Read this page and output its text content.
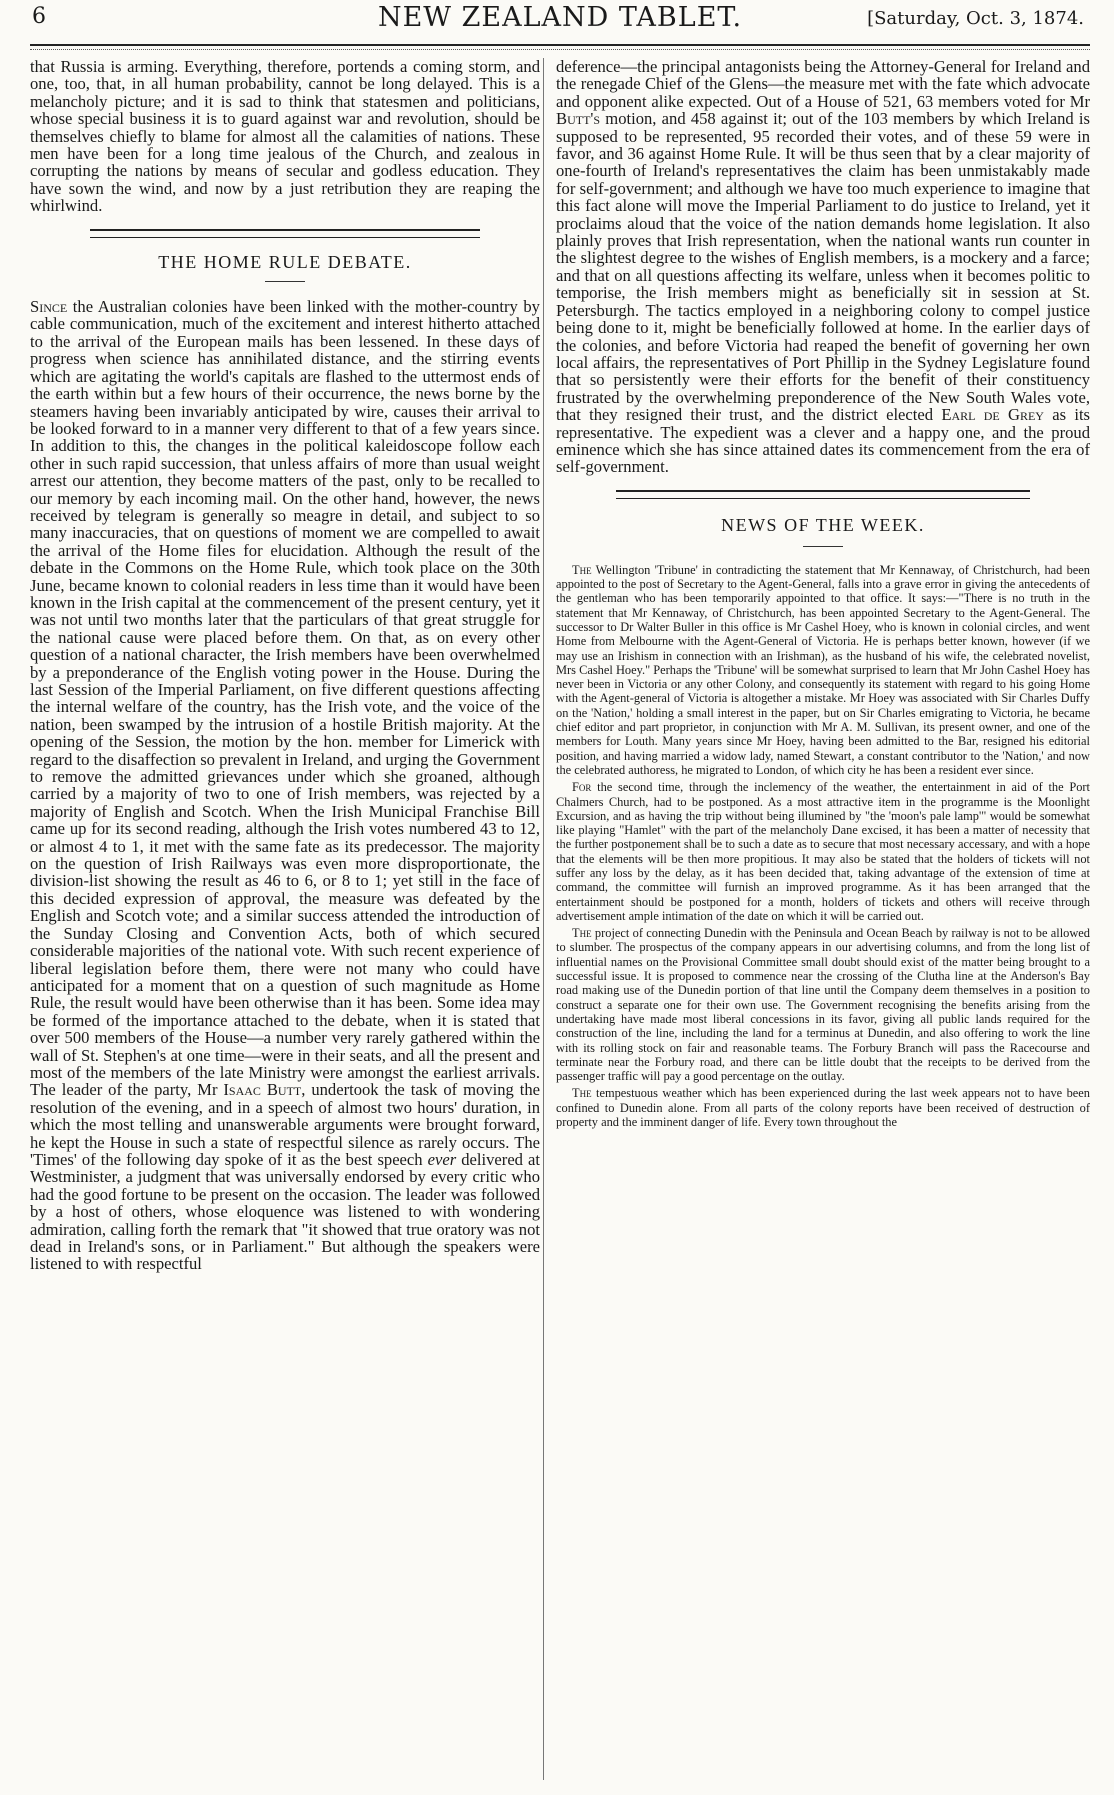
6	NEW ZEALAND TABLET.	[Saturday, Oct. 3, 1874.

that Russia is arming. Everything, therefore, portends a coming storm, and one, too, that, in all human probability, cannot be long delayed. This is a melancholy picture; and it is sad to think that statesmen and politicians, whose special business it is to guard against war and revolution, should be themselves chiefly to blame for almost all the calamities of nations. These men have been for a long time jealous of the Church, and zealous in corrupting the nations by means of secular and godless education. They have sown the wind, and now by a just retribution they are reaping the whirlwind.

THE HOME RULE DEBATE.

Since the Australian colonies have been linked with the mother-country by cable communication, much of the excitement and interest hitherto attached to the arrival of the European mails has been lessened. In these days of progress when science has annihilated distance, and the stirring events which are agitating the world's capitals are flashed to the uttermost ends of the earth within but a few hours of their occurrence, the news borne by the steamers having been invariably anticipated by wire, causes their arrival to be looked forward to in a manner very different to that of a few years since. In addition to this, the changes in the political kaleidoscope follow each other in such rapid succession, that unless affairs of more than usual weight arrest our attention, they become matters of the past, only to be recalled to our memory by each incoming mail. On the other hand, however, the news received by telegram is generally so meagre in detail, and subject to so many inaccuracies, that on questions of moment we are compelled to await the arrival of the Home files for elucidation. Although the result of the debate in the Commons on the Home Rule, which took place on the 30th June, became known to colonial readers in less time than it would have been known in the Irish capital at the commencement of the present century, yet it was not until two months later that the particulars of that great struggle for the national cause were placed before them. On that, as on every other question of a national character, the Irish members have been overwhelmed by a preponderance of the English voting power in the House. During the last Session of the Imperial Parliament, on five different questions affecting the internal welfare of the country, has the Irish vote, and the voice of the nation, been swamped by the intrusion of a hostile British majority. At the opening of the Session, the motion by the hon. member for Limerick with regard to the disaffection so prevalent in Ireland, and urging the Government to remove the admitted grievances under which she groaned, although carried by a majority of two to one of Irish members, was rejected by a majority of English and Scotch. When the Irish Municipal Franchise Bill came up for its second reading, although the Irish votes numbered 43 to 12, or almost 4 to 1, it met with the same fate as its predecessor. The majority on the question of Irish Railways was even more disproportionate, the division-list showing the result as 46 to 6, or 8 to 1; yet still in the face of this decided expression of approval, the measure was defeated by the English and Scotch vote; and a similar success attended the introduction of the Sunday Closing and Convention Acts, both of which secured considerable majorities of the national vote. With such recent experience of liberal legislation before them, there were not many who could have anticipated for a moment that on a question of such magnitude as Home Rule, the result would have been otherwise than it has been. Some idea may be formed of the importance attached to the debate, when it is stated that over 500 members of the House—a number very rarely gathered within the wall of St. Stephen's at one time—were in their seats, and all the present and most of the members of the late Ministry were amongst the earliest arrivals. The leader of the party, Mr Isaac Butt, undertook the task of moving the resolution of the evening, and in a speech of almost two hours' duration, in which the most telling and unanswerable arguments were brought forward, he kept the House in such a state of respectful silence as rarely occurs. The 'Times' of the following day spoke of it as the best speech ever delivered at Westminister, a judgment that was universally endorsed by every critic who had the good fortune to be present on the occasion. The leader was followed by a host of others, whose eloquence was listened to with wondering admiration, calling forth the remark that "it showed that true oratory was not dead in Ireland's sons, or in Parliament." But although the speakers were listened to with respectful

deference—the principal antagonists being the Attorney-General for Ireland and the renegade Chief of the Glens—the measure met with the fate which advocate and opponent alike expected. Out of a House of 521, 63 members voted for Mr Butt's motion, and 458 against it; out of the 103 members by which Ireland is supposed to be represented, 95 recorded their votes, and of these 59 were in favor, and 36 against Home Rule. It will be thus seen that by a clear majority of one-fourth of Ireland's representatives the claim has been unmistakably made for self-government; and although we have too much experience to imagine that this fact alone will move the Imperial Parliament to do justice to Ireland, yet it proclaims aloud that the voice of the nation demands home legislation. It also plainly proves that Irish representation, when the national wants run counter in the slightest degree to the wishes of English members, is a mockery and a farce; and that on all questions affecting its welfare, unless when it becomes politic to temporise, the Irish members might as beneficially sit in session at St. Petersburgh. The tactics employed in a neighboring colony to compel justice being done to it, might be beneficially followed at home. In the earlier days of the colonies, and before Victoria had reaped the benefit of governing her own local affairs, the representatives of Port Phillip in the Sydney Legislature found that so persistently were their efforts for the benefit of their constituency frustrated by the overwhelming preponderence of the New South Wales vote, that they resigned their trust, and the district elected Earl de Grey as its representative. The expedient was a clever and a happy one, and the proud eminence which she has since attained dates its commencement from the era of self-government.

NEWS OF THE WEEK.

The Wellington 'Tribune' in contradicting the statement that Mr Kennaway, of Christchurch, had been appointed to the post of Secretary to the Agent-General, falls into a grave error in giving the antecedents of the gentleman who has been temporarily appointed to that office. It says:—"There is no truth in the statement that Mr Kennaway, of Christchurch, has been appointed Secretary to the Agent-General. The successor to Dr Walter Buller in this office is Mr Cashel Hoey, who is known in colonial circles, and went Home from Melbourne with the Agent-General of Victoria. He is perhaps better known, however (if we may use an Irishism in connection with an Irishman), as the husband of his wife, the celebrated novelist, Mrs Cashel Hoey." Perhaps the 'Tribune' will be somewhat surprised to learn that Mr John Cashel Hoey has never been in Victoria or any other Colony, and consequently its statement with regard to his going Home with the Agent-general of Victoria is altogether a mistake. Mr Hoey was associated with Sir Charles Duffy on the 'Nation,' holding a small interest in the paper, but on Sir Charles emigrating to Victoria, he became chief editor and part proprietor, in conjunction with Mr A. M. Sullivan, its present owner, and one of the members for Louth. Many years since Mr Hoey, having been admitted to the Bar, resigned his editorial position, and having married a widow lady, named Stewart, a constant contributor to the 'Nation,' and now the celebrated authoress, he migrated to London, of which city he has been a resident ever since.

For the second time, through the inclemency of the weather, the entertainment in aid of the Port Chalmers Church, had to be postponed. As a most attractive item in the programme is the Moonlight Excursion, and as having the trip without being illumined by "the 'moon's pale lamp'" would be somewhat like playing "Hamlet" with the part of the melancholy Dane excised, it has been a matter of necessity that the further postponement shall be to such a date as to secure that most necessary accessary, and with a hope that the elements will be then more propitious. It may also be stated that the holders of tickets will not suffer any loss by the delay, as it has been decided that, taking advantage of the extension of time at command, the committee will furnish an improved programme. As it has been arranged that the entertainment should be postponed for a month, holders of tickets and others will receive through advertisement ample intimation of the date on which it will be carried out.

The project of connecting Dunedin with the Peninsula and Ocean Beach by railway is not to be allowed to slumber. The prospectus of the company appears in our advertising columns, and from the long list of influential names on the Provisional Committee small doubt should exist of the matter being brought to a successful issue. It is proposed to commence near the crossing of the Clutha line at the Anderson's Bay road making use of the Dunedin portion of that line until the Company deem themselves in a position to construct a separate one for their own use. The Government recognising the benefits arising from the undertaking have made most liberal concessions in its favor, giving all public lands required for the construction of the line, including the land for a terminus at Dunedin, and also offering to work the line with its rolling stock on fair and reasonable teams. The Forbury Branch will pass the Racecourse and terminate near the Forbury road, and there can be little doubt that the receipts to be derived from the passenger traffic will pay a good percentage on the outlay.

The tempestuous weather which has been experienced during the last week appears not to have been confined to Dunedin alone. From all parts of the colony reports have been received of destruction of property and the imminent danger of life. Every town throughout the
